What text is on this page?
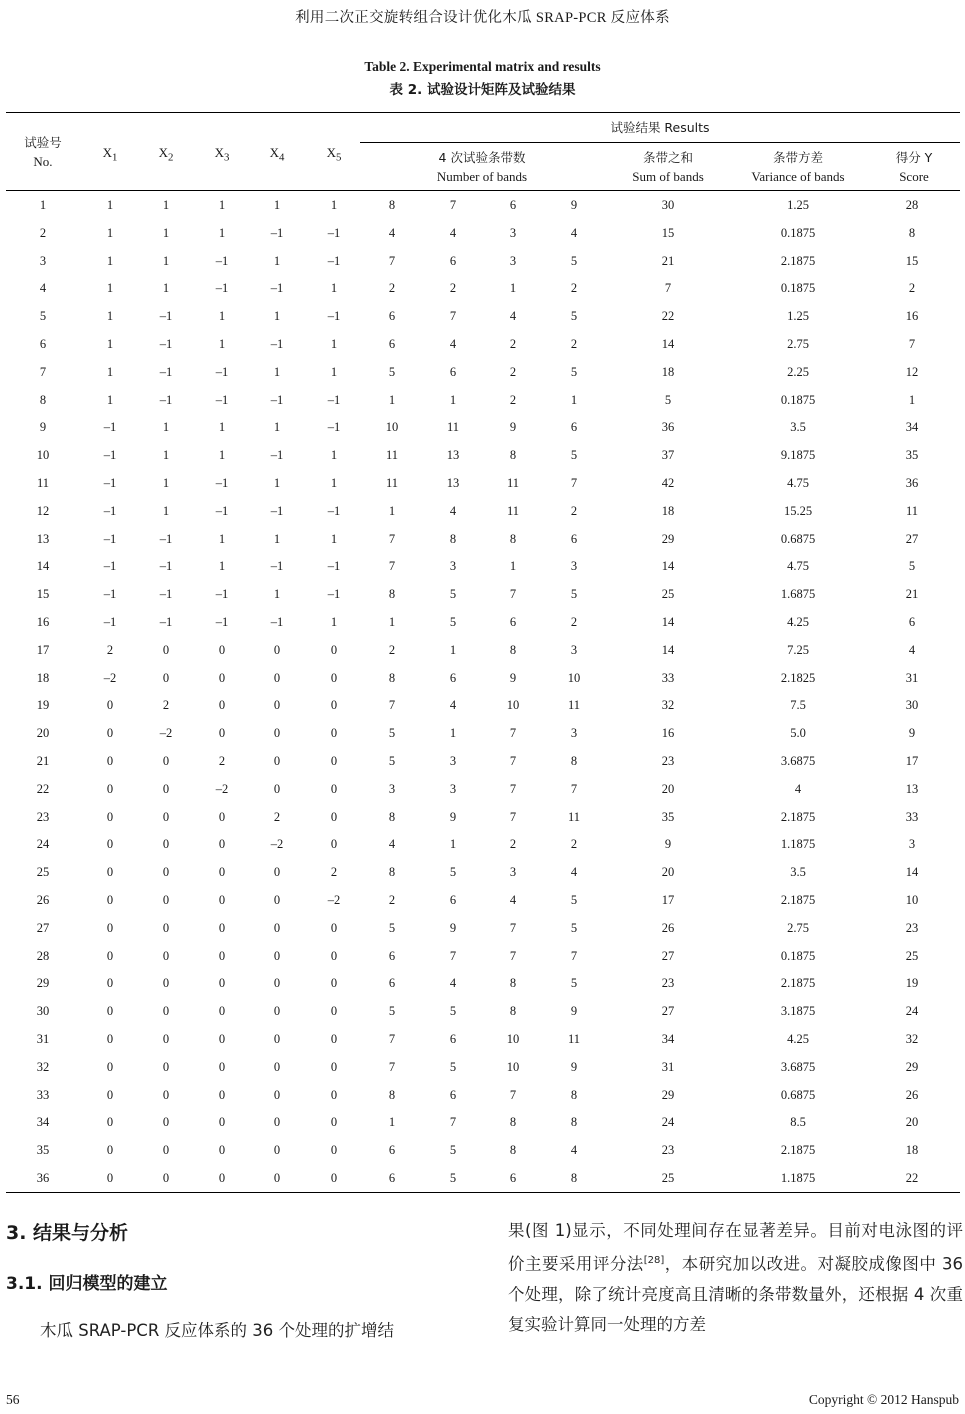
利用二次正交旋转组合设计优化木瓜 SRAP-PCR 反应体系
Table 2. Experimental matrix and results
表 2. 试验设计矩阵及试验结果
试验号
No.
$X_1$	$X_2$	$X_3$	$X_4$	$X_5$
试验结果 Results
4 次试验条带数
Number of bands
条带之和
Sum of bands
条带方差
Variance of bands
得分 Y
Score
1	1	1	1	1	1	8	7	6	9	30	1.25	28
2	1	1	1	–1	–1	4	4	3	4	15	0.1875	8
3	1	1	–1	1	–1	7	6	3	5	21	2.1875	15
4	1	1	–1	–1	1	2	2	1	2	7	0.1875	2
5	1	–1	1	1	–1	6	7	4	5	22	1.25	16
6	1	–1	1	–1	1	6	4	2	2	14	2.75	7
7	1	–1	–1	1	1	5	6	2	5	18	2.25	12
8	1	–1	–1	–1	–1	1	1	2	1	5	0.1875	1
9	–1	1	1	1	–1	10	11	9	6	36	3.5	34
10	–1	1	1	–1	1	11	13	8	5	37	9.1875	35
11	–1	1	–1	1	1	11	13	11	7	42	4.75	36
12	–1	1	–1	–1	–1	1	4	11	2	18	15.25	11
13	–1	–1	1	1	1	7	8	8	6	29	0.6875	27
14	–1	–1	1	–1	–1	7	3	1	3	14	4.75	5
15	–1	–1	–1	1	–1	8	5	7	5	25	1.6875	21
16	–1	–1	–1	–1	1	1	5	6	2	14	4.25	6
17	2	0	0	0	0	2	1	8	3	14	7.25	4
18	–2	0	0	0	0	8	6	9	10	33	2.1825	31
19	0	2	0	0	0	7	4	10	11	32	7.5	30
20	0	–2	0	0	0	5	1	7	3	16	5.0	9
21	0	0	2	0	0	5	3	7	8	23	3.6875	17
22	0	0	–2	0	0	3	3	7	7	20	4	13
23	0	0	0	2	0	8	9	7	11	35	2.1875	33
24	0	0	0	–2	0	4	1	2	2	9	1.1875	3
25	0	0	0	0	2	8	5	3	4	20	3.5	14
26	0	0	0	0	–2	2	6	4	5	17	2.1875	10
27	0	0	0	0	0	5	9	7	5	26	2.75	23
28	0	0	0	0	0	6	7	7	7	27	0.1875	25
29	0	0	0	0	0	6	4	8	5	23	2.1875	19
30	0	0	0	0	0	5	5	8	9	27	3.1875	24
31	0	0	0	0	0	7	6	10	11	34	4.25	32
32	0	0	0	0	0	7	5	10	9	31	3.6875	29
33	0	0	0	0	0	8	6	7	8	29	0.6875	26
34	0	0	0	0	0	1	7	8	8	24	8.5	20
35	0	0	0	0	0	6	5	8	4	23	2.1875	18
36	0	0	0	0	0	6	5	6	8	25	1.1875	22
3. 结果与分析
3.1. 回归模型的建立
木瓜 SRAP-PCR 反应体系的 36 个处理的扩增结
果(图 1)显示，不同处理间存在显著差异。目前对电泳图的评价主要采用评分法[28]，本研究加以改进。对凝胶成像图中 36 个处理，除了统计亮度高且清晰的条带数量外，还根据 4 次重复实验计算同一处理的方差
56	Copyright © 2012 Hanspub
